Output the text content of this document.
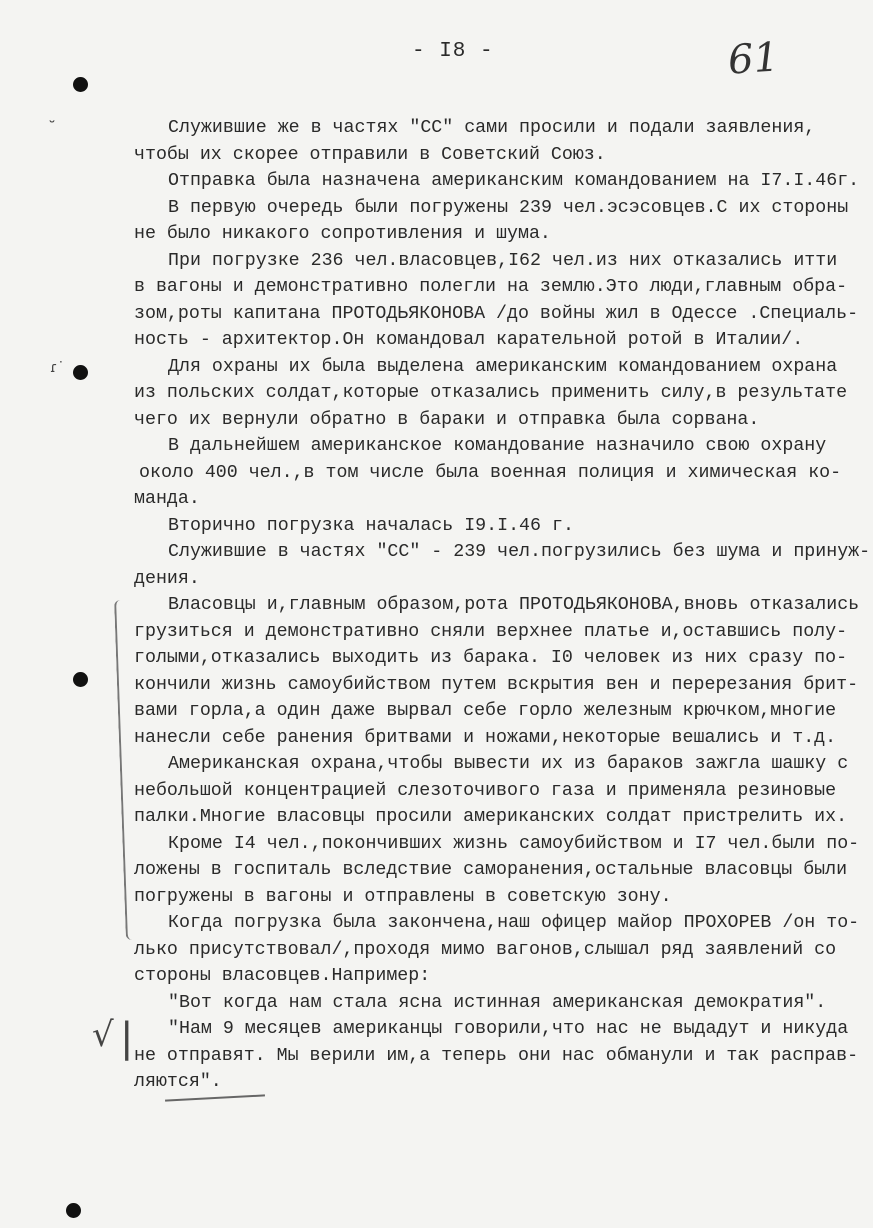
- I8 -	61
˘
ɾ˙
√ |
Служившие же в частях "СС" сами просили и подали заявления,
чтобы их скорее отправили в Советский Союз.
Отправка была назначена американским командованием на I7.I.46г.
В первую очередь были погружены 239 чел.эсэсовцев.С их стороны
не было никакого сопротивления и шума.
При погрузке 236 чел.власовцев,I62 чел.из них отказались итти
в вагоны и демонстративно полегли на землю.Это люди,главным обра-
зом,роты капитана ПРОТОДЬЯКОНОВА /до войны жил в Одессе .Специаль-
ность - архитектор.Он командовал карательной ротой в Италии/.
Для охраны их была выделена американским командованием охрана
из польских солдат,которые отказались применить силу,в результате
чего их вернули обратно в бараки и отправка была сорвана.
В дальнейшем американское командование назначило свою охрану
около 400 чел.,в том числе была военная полиция и химическая ко-
манда.
Вторично погрузка началась I9.I.46 г.
Служившие в частях "СС" - 239 чел.погрузились без шума и принуж-
дения.
Власовцы и,главным образом,рота ПРОТОДЬЯКОНОВА,вновь отказались
грузиться и демонстративно сняли верхнее платье и,оставшись полу-
голыми,отказались выходить из барака. I0 человек из них сразу по-
кончили жизнь самоубийством путем вскрытия вен и перерезания брит-
вами горла,а один даже вырвал себе горло железным крючком,многие
нанесли себе ранения бритвами и ножами,некоторые вешались и т.д.
Американская охрана,чтобы вывести их из бараков зажгла шашку с
небольшой концентрацией слезоточивого газа и применяла резиновые
палки.Многие власовцы просили американских солдат пристрелить их.
Кроме I4 чел.,покончивших жизнь самоубийством и I7 чел.были по-
ложены в госпиталь вследствие саморанения,остальные власовцы были
погружены в вагоны и отправлены в советскую зону.
Когда погрузка была закончена,наш офицер майор ПРОХОРЕВ /он то-
лько присутствовал/,проходя мимо вагонов,слышал ряд заявлений со
стороны власовцев.Например:
"Вот когда нам стала ясна истинная американская демократия".
"Нам 9 месяцев американцы говорили,что нас не выдадут и никуда
не отправят. Мы верили им,а теперь они нас обманули и так расправ-
ляются".
